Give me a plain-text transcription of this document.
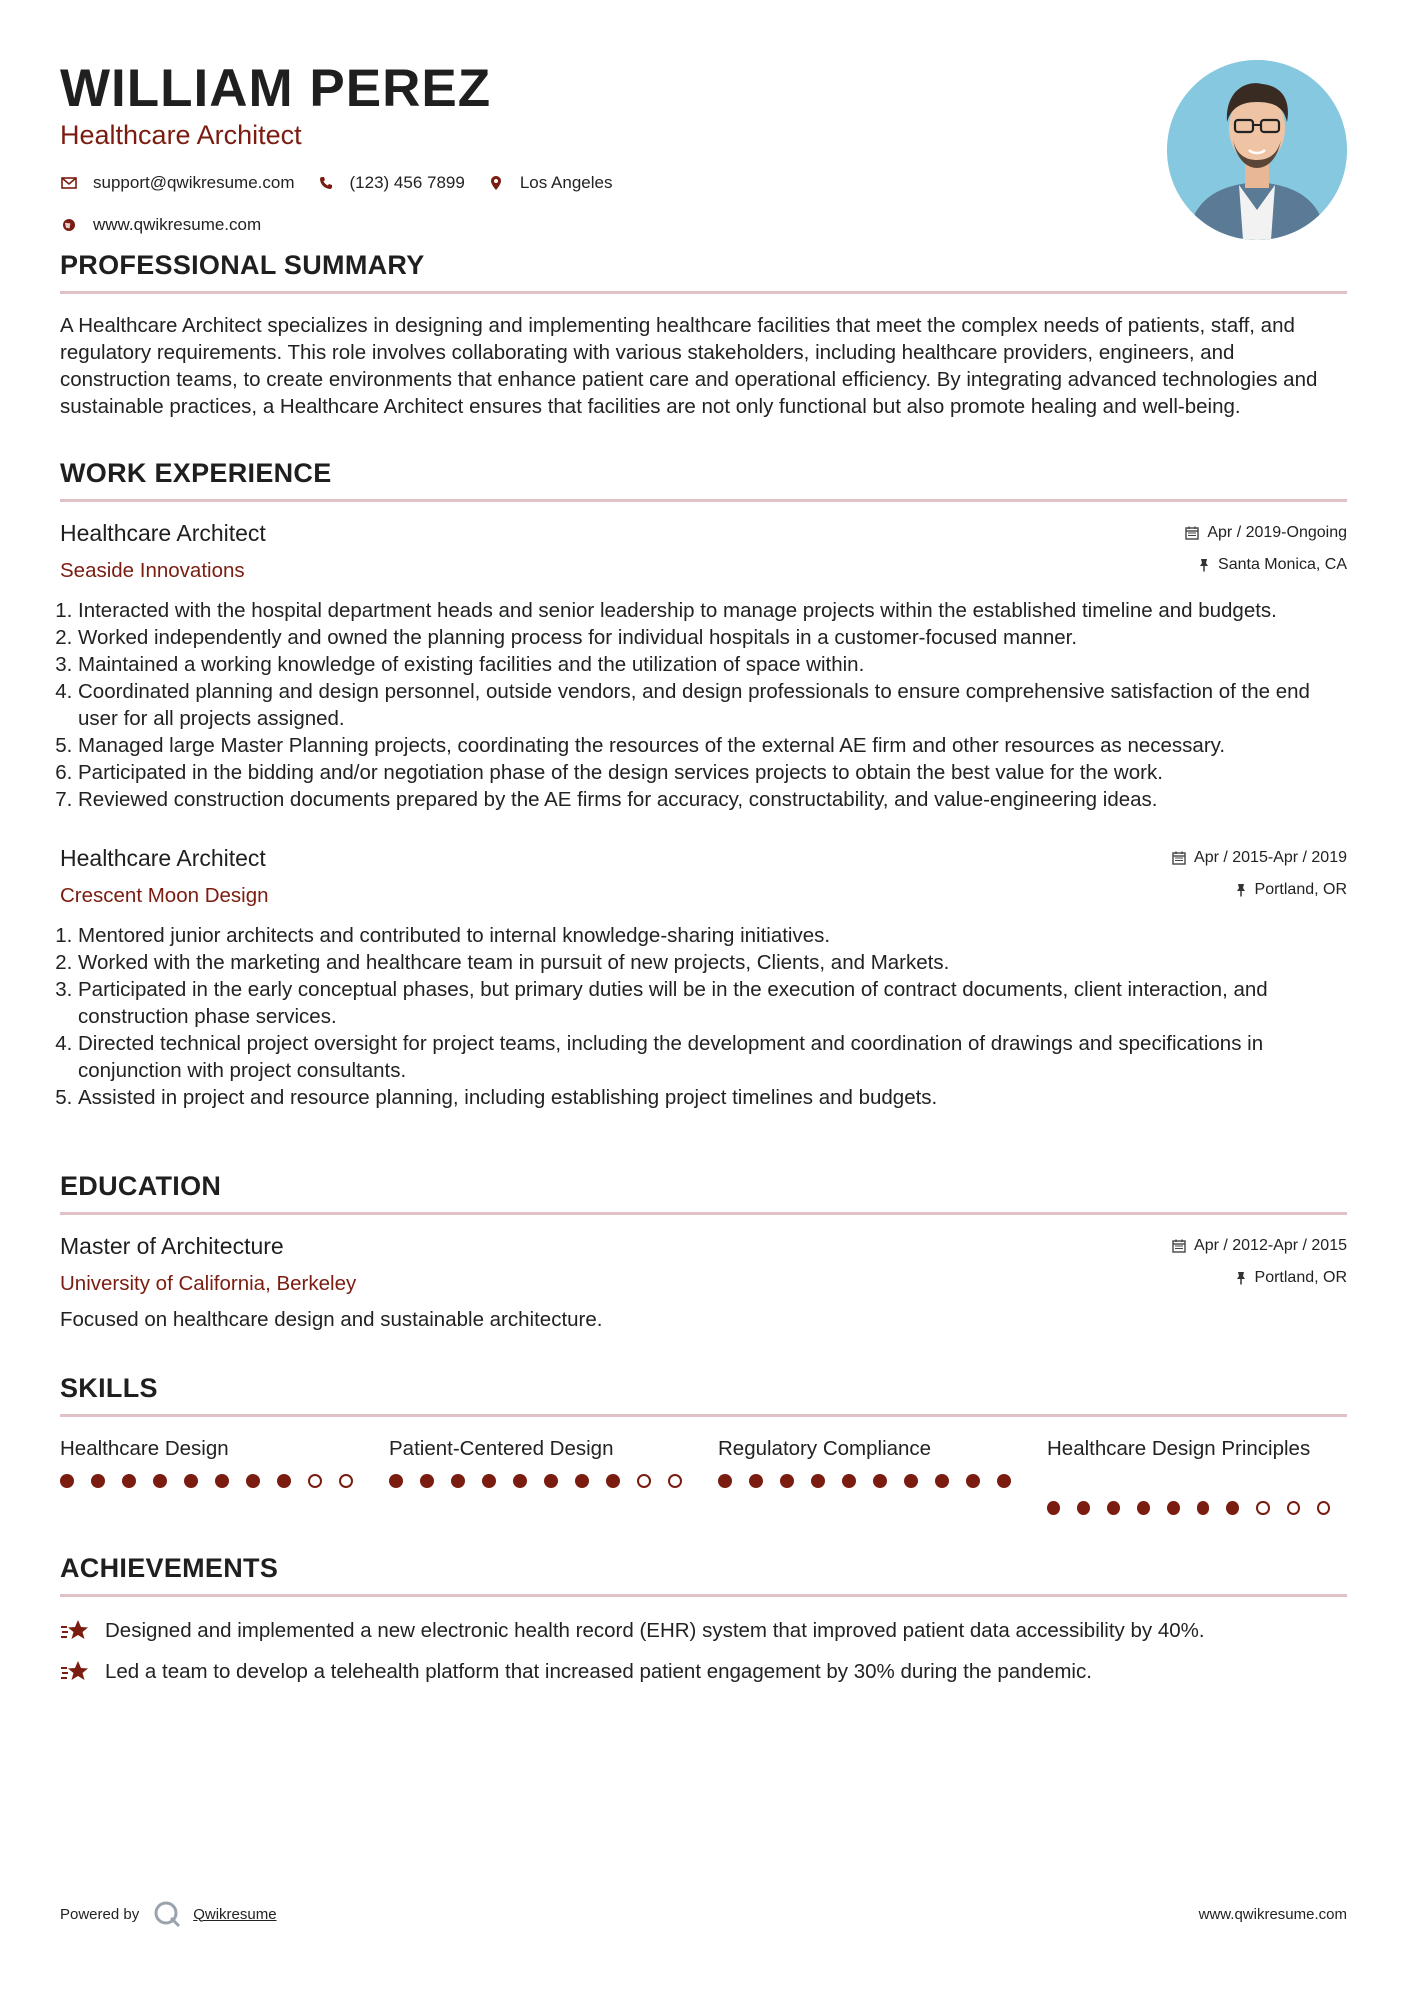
WILLIAM PEREZ
Healthcare Architect
support@qwikresume.com	(123) 456 7899	Los Angeles
www.qwikresume.com
PROFESSIONAL SUMMARY
A Healthcare Architect specializes in designing and implementing healthcare facilities that meet the complex needs of patients, staff, and regulatory requirements. This role involves collaborating with various stakeholders, including healthcare providers, engineers, and construction teams, to create environments that enhance patient care and operational efficiency. By integrating advanced technologies and sustainable practices, a Healthcare Architect ensures that facilities are not only functional but also promote healing and well-being.
WORK EXPERIENCE
Healthcare Architect
Seaside Innovations
Apr / 2019-Ongoing
Santa Monica, CA
1. Interacted with the hospital department heads and senior leadership to manage projects within the established timeline and budgets.
2. Worked independently and owned the planning process for individual hospitals in a customer-focused manner.
3. Maintained a working knowledge of existing facilities and the utilization of space within.
4. Coordinated planning and design personnel, outside vendors, and design professionals to ensure comprehensive satisfaction of the end user for all projects assigned.
5. Managed large Master Planning projects, coordinating the resources of the external AE firm and other resources as necessary.
6. Participated in the bidding and/or negotiation phase of the design services projects to obtain the best value for the work.
7. Reviewed construction documents prepared by the AE firms for accuracy, constructability, and value-engineering ideas.
Healthcare Architect
Crescent Moon Design
Apr / 2015-Apr / 2019
Portland, OR
1. Mentored junior architects and contributed to internal knowledge-sharing initiatives.
2. Worked with the marketing and healthcare team in pursuit of new projects, Clients, and Markets.
3. Participated in the early conceptual phases, but primary duties will be in the execution of contract documents, client interaction, and construction phase services.
4. Directed technical project oversight for project teams, including the development and coordination of drawings and specifications in conjunction with project consultants.
5. Assisted in project and resource planning, including establishing project timelines and budgets.
EDUCATION
Master of Architecture
University of California, Berkeley
Apr / 2012-Apr / 2015
Portland, OR
Focused on healthcare design and sustainable architecture.
SKILLS
Healthcare Design	Patient-Centered Design	Regulatory Compliance	Healthcare Design Principles
ACHIEVEMENTS
Designed and implemented a new electronic health record (EHR) system that improved patient data accessibility by 40%.
Led a team to develop a telehealth platform that increased patient engagement by 30% during the pandemic.
Powered by	Qwikresume	www.qwikresume.com
